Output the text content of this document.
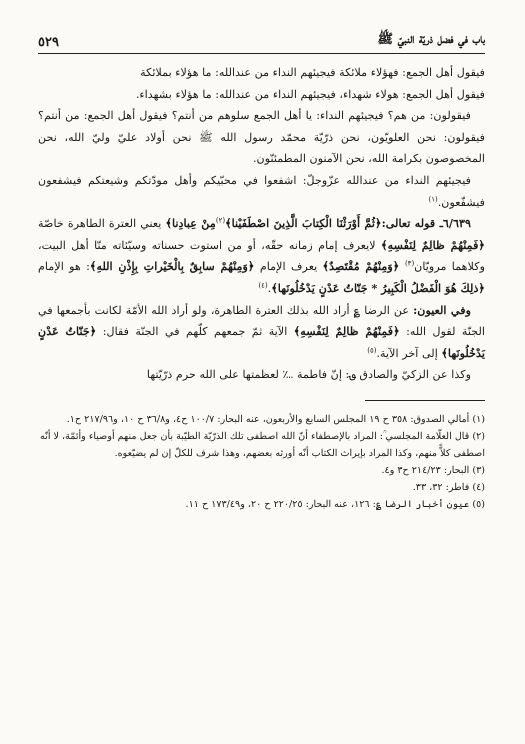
باب في فضل ذريّة النبيّ ﷺ
٥٢٩

فيقول أهل الجمع: فهؤلاء ملائكة فيجيئهم النداء من عندالله: ما هؤلاء بملائكة

فيقول أهل الجمع: هولاء شهداء، فيجيئهم النداء من عندالله: ما هؤلاء بشهداء.

فيقولون: من هم؟ فيجيئهم النداء: يا أهل الجمع سلوهم من أنتم؟ فيقول أهل الجمع: من أنتم؟ فيقولون: نحن العلويّون، نحن ذرّيّة محمّد رسول الله ﷺ نحن أولاد عليّ وليّ الله، نحن المخصوصون بكرامة الله، نحن الآمنون المطمئنّون.

فيجيئهم النداء من عندالله عزّوجلّ: اشفعوا في محبّيكم وأهل مودّتكم وشيعتكم فيشفعون فيشفّعون.$^{(١)}$

٦/٦٣٩ـ قوله تعالى:﴿ثُمَّ أَوْرَثْنَا الْكِتابَ الَّذِينَ اصْطَفَيْنا﴾$^{(٢)}$مِنْ عِبادِنا﴾ يعني العترة الطاهرة خاصّة ﴿فَمِنْهُمْ ظالِمٌ لِنَفْسِهِ﴾ لايعرف إمام زمانه حقّه، أو من استوت حسناته وسيّئاته منّا أهل البيت، وكلاهما مرويّان$^{(٣)}$ ﴿وَمِنْهُمْ مُقْتَصِدٌ﴾ يعرف الإمام ﴿وَمِنْهُمْ سابِقٌ بِالْخَيْراتِ بِإِذْنِ اللهِ﴾: هو الإمام ﴿ذلِكَ هُوَ الْفَضْلُ الْكَبِيرُ * جَنّاتُ عَدْنٍ يَدْخُلُونَها﴾.$^{(٤)}$

وفي العيون: عن الرضا ؏ أراد الله بذلك العترة الطاهرة، ولو أراد الله الأمّة لكانت بأجمعها في الجنّة لقول الله: ﴿فَمِنْهُمْ ظالِمٌ لِنَفْسِهِ﴾ الآية ثمّ جمعهم كلّهم في الجنّة فقال: ﴿جَنّاتُ عَدْنٍ يَدْخُلُونَها﴾ إلى آخر الآية.$^{(٥)}$

وكذا عن الزكيّ والصادق ؈: إنّ فاطمة ؊ لعظمتها على الله حرم ذرّيّتها

(١) أمالي الصدوق: ٣٥٨ ح ١٩ المجلس السابع والأربعون، عنه البحار: ١٠٠/٧ ح٤، و٣٦/٨ ح ١٠، و٢١٧/٩٦ ح١.

(٢) قال العلّامة المجلسي ؒ: المراد بالإصطفاء أنّ الله اصطفى تلك الذرّيّة الطيّبة بأن جعل منهم أوصياء وأئمّة، لا أنّه اصطفى كلاًّ منهم، وكذا المراد بإيراث الكتاب أنّه أورثه بعضهم، وهذا شرف للكلّ إن لم يضيّعوه.

(٣) البحار: ٢١٤/٢٣ ح٣ و٤.

(٤) فاطر: ٣٢، ٣٣.

(٥) عيون أخبار الرضا ؏: ١٢٦، عنه البحار: ٢٢٠/٢٥ ح ٢٠، و١٧٣/٤٩ ح ١١.
